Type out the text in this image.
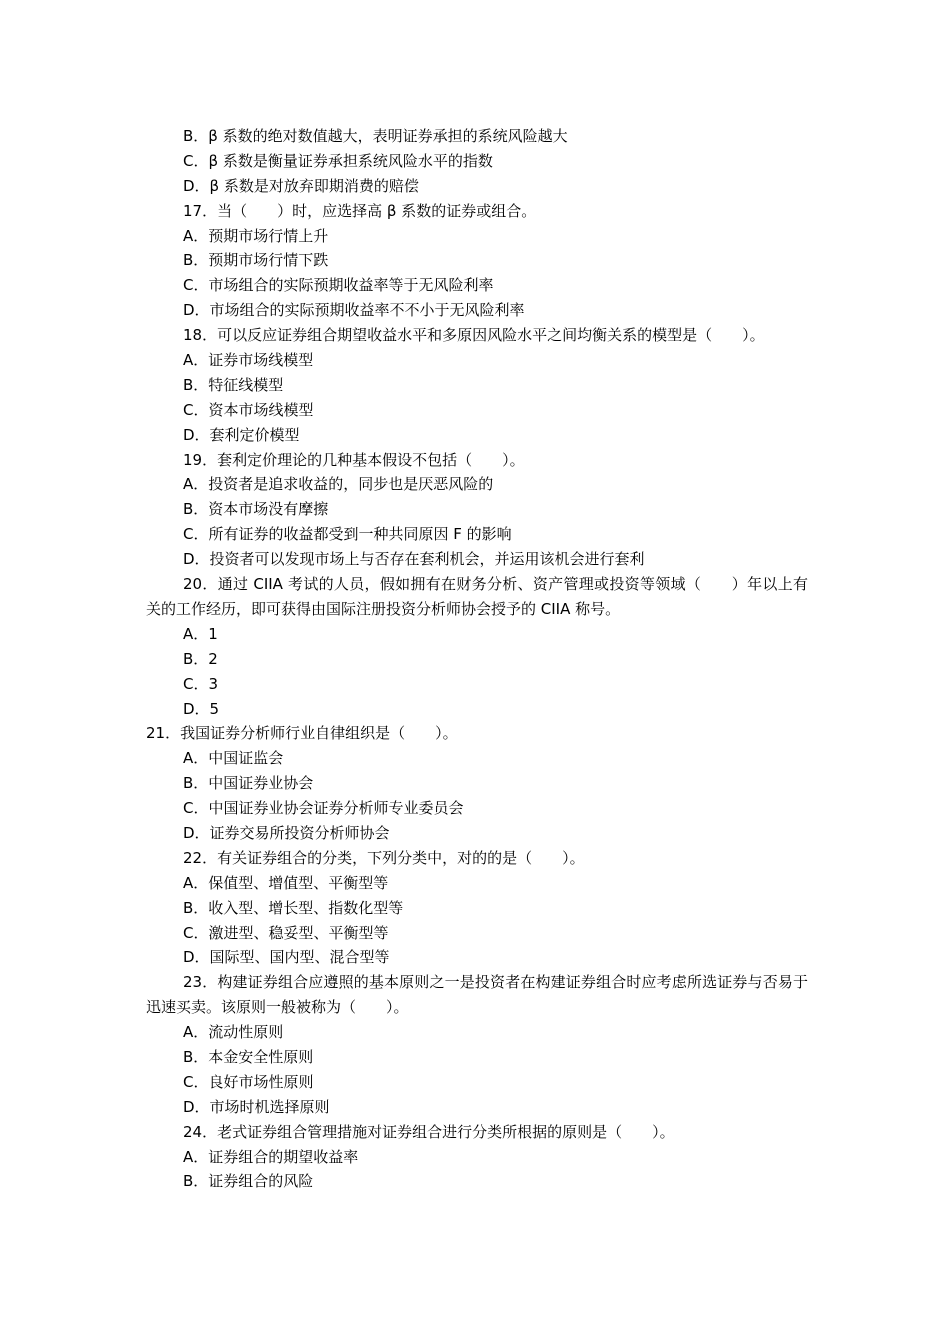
B．β 系数的绝对数值越大，表明证券承担的系统风险越大
C．β 系数是衡量证券承担系统风险水平的指数
D．β 系数是对放弃即期消费的赔偿
17．当（　　）时，应选择高 β 系数的证券或组合。
A．预期市场行情上升
B．预期市场行情下跌
C．市场组合的实际预期收益率等于无风险利率
D．市场组合的实际预期收益率不不小于无风险利率
18．可以反应证券组合期望收益水平和多原因风险水平之间均衡关系的模型是（　　）。
A．证券市场线模型
B．特征线模型
C．资本市场线模型
D．套利定价模型
19．套利定价理论的几种基本假设不包括（　　）。
A．投资者是追求收益的，同步也是厌恶风险的
B．资本市场没有摩擦
C．所有证券的收益都受到一种共同原因 F 的影响
D．投资者可以发现市场上与否存在套利机会，并运用该机会进行套利
20．通过 CIIA 考试的人员，假如拥有在财务分析、资产管理或投资等领域（　　）年以上有关的工作经历，即可获得由国际注册投资分析师协会授予的 CIIA 称号。
A．1
B．2
C．3
D．5
21．我国证券分析师行业自律组织是（　　）。
A．中国证监会
B．中国证券业协会
C．中国证券业协会证券分析师专业委员会
D．证券交易所投资分析师协会
22．有关证券组合的分类，下列分类中，对的的是（　　）。
A．保值型、增值型、平衡型等
B．收入型、增长型、指数化型等
C．激进型、稳妥型、平衡型等
D．国际型、国内型、混合型等
23．构建证券组合应遵照的基本原则之一是投资者在构建证券组合时应考虑所选证券与否易于迅速买卖。该原则一般被称为（　　）。
A．流动性原则
B．本金安全性原则
C．良好市场性原则
D．市场时机选择原则
24．老式证券组合管理措施对证券组合进行分类所根据的原则是（　　）。
A．证券组合的期望收益率
B．证券组合的风险
